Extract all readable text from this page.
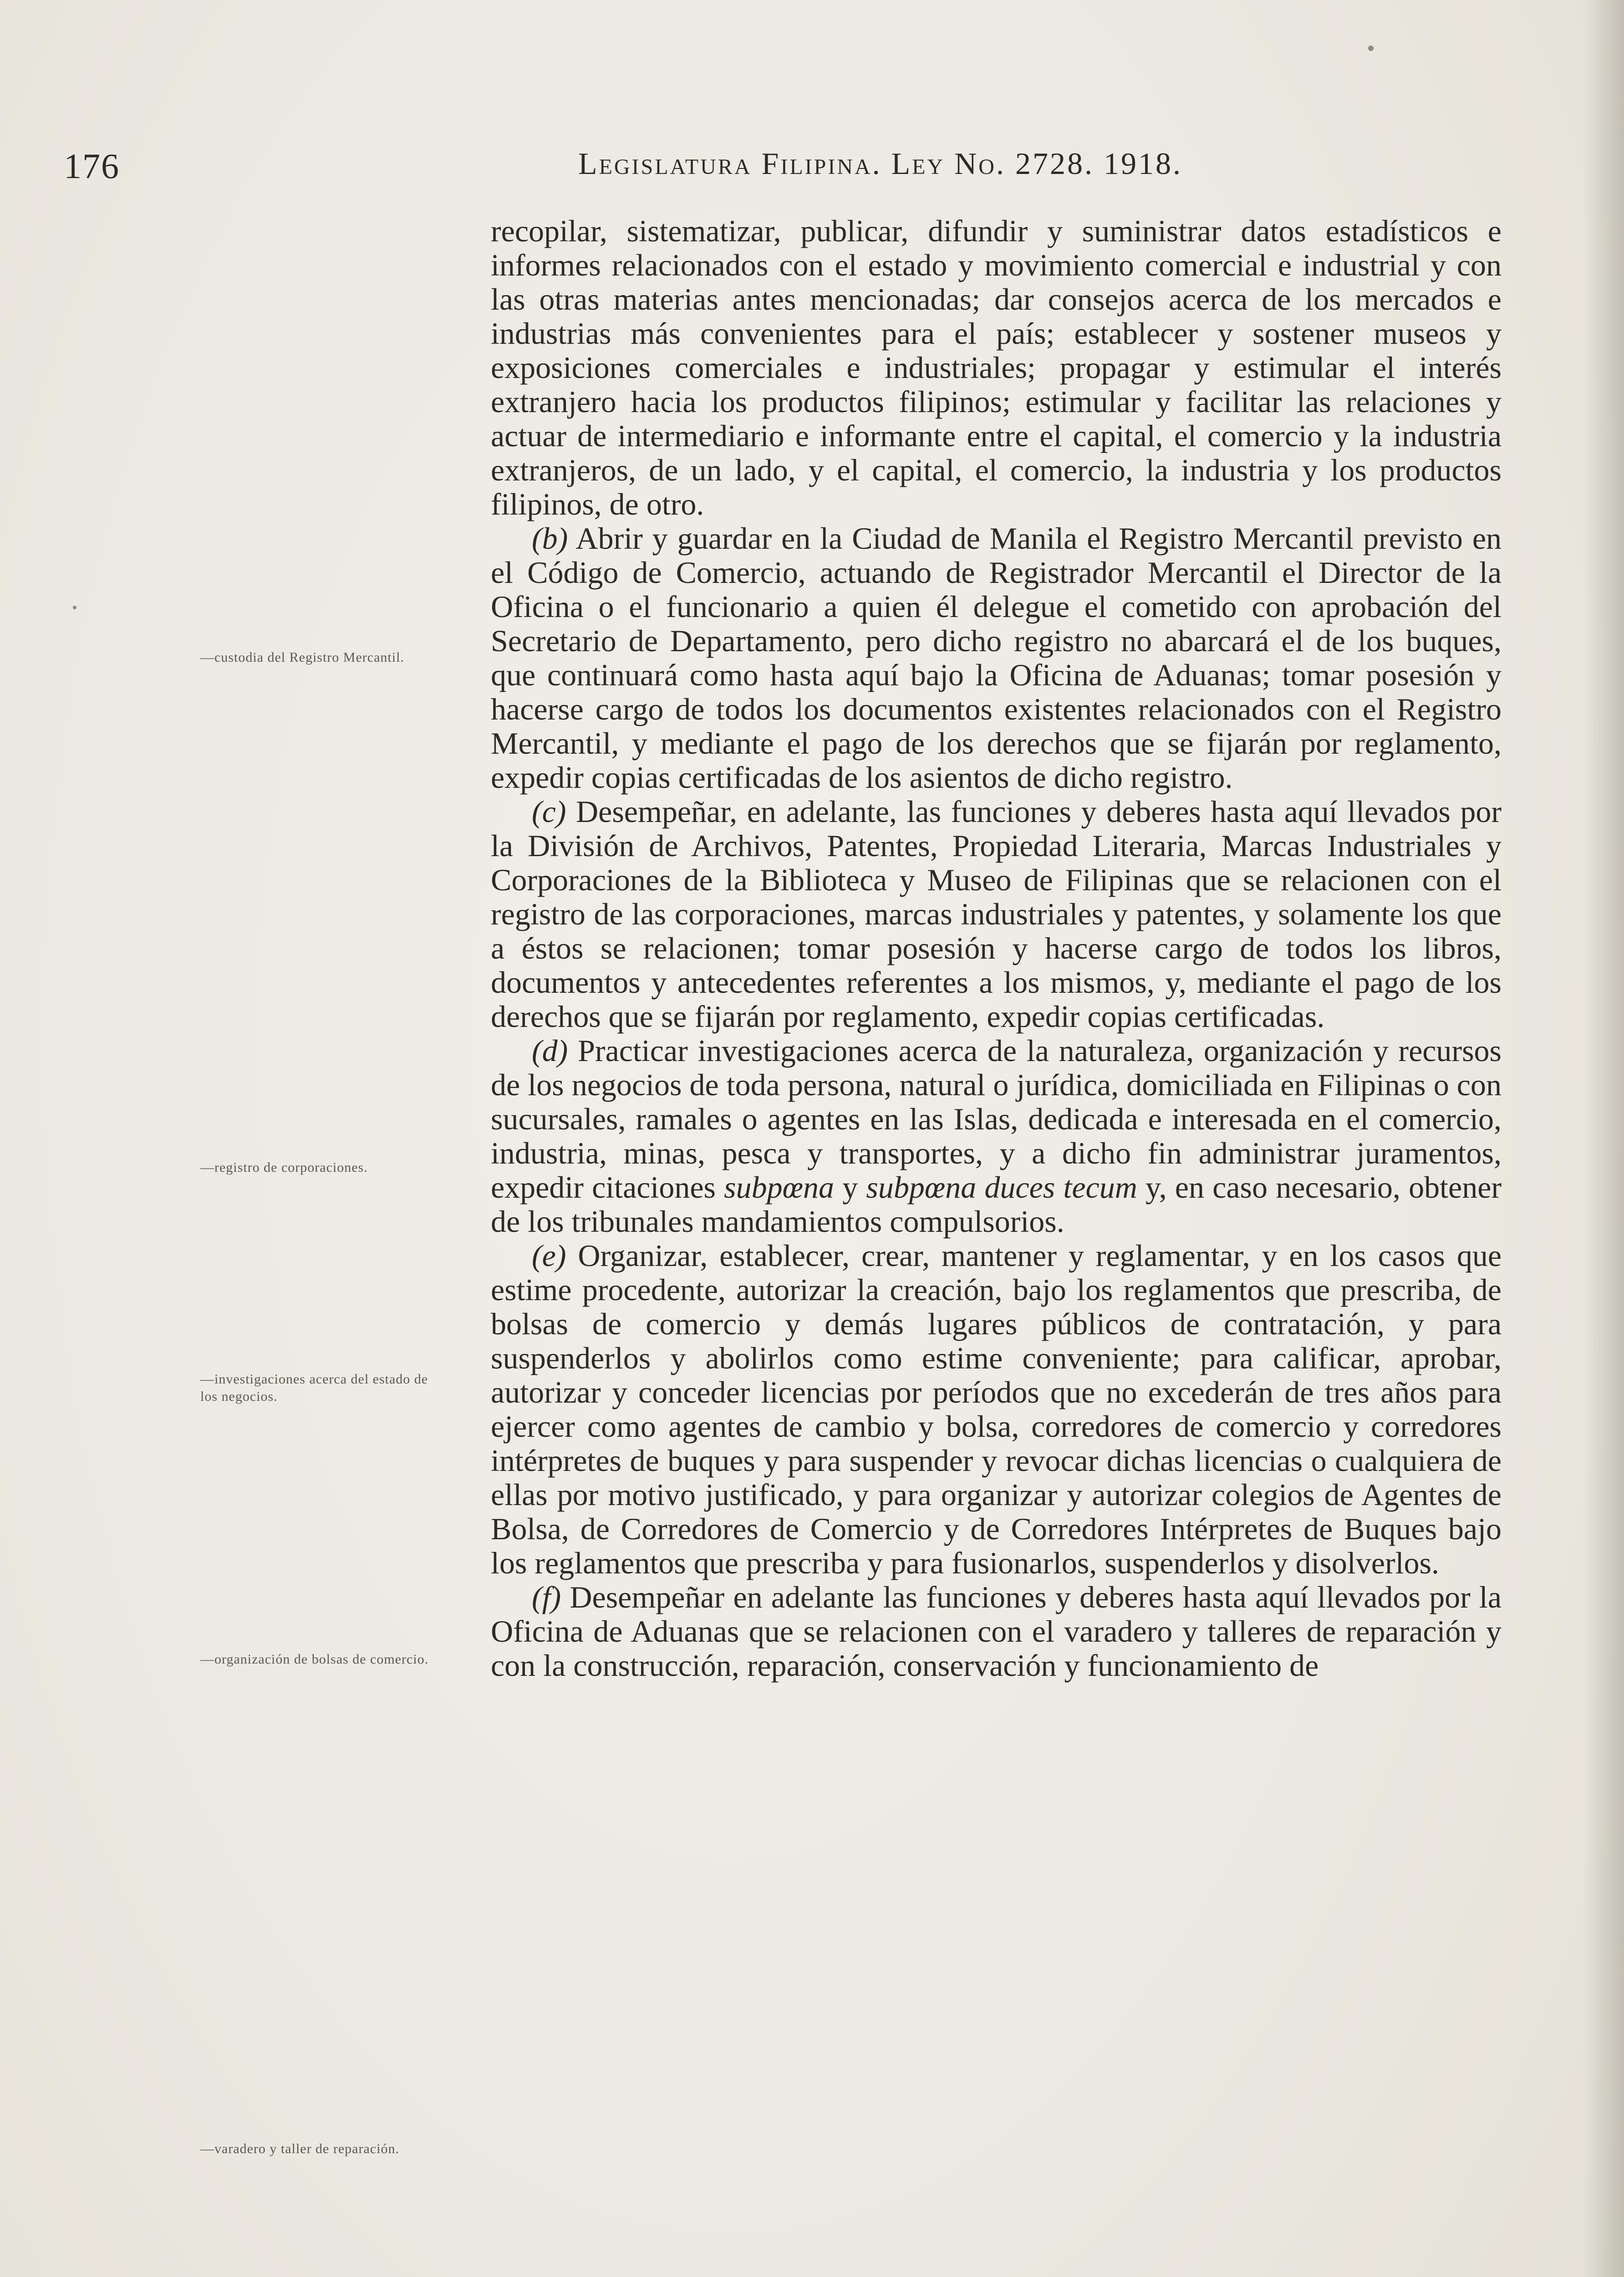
176	Legislatura Filipina. Ley No. 2728. 1918.
—custodia del Registro Mercantil.
—registro de corporaciones.
—investigaciones acerca del estado de los negocios.
—organización de bolsas de comercio.
—varadero y taller de reparación.

recopilar, sistematizar, publicar, difundir y suministrar datos estadísticos e informes relacionados con el estado y movimiento comercial e industrial y con las otras materias antes mencionadas; dar consejos acerca de los mercados e industrias más convenientes para el país; establecer y sostener museos y exposiciones comerciales e industriales; propagar y estimular el interés extranjero hacia los productos filipinos; estimular y facilitar las relaciones y actuar de intermediario e informante entre el capital, el comercio y la industria extranjeros, de un lado, y el capital, el comercio, la industria y los productos filipinos, de otro.

(b) Abrir y guardar en la Ciudad de Manila el Registro Mercantil previsto en el Código de Comercio, actuando de Registrador Mercantil el Director de la Oficina o el funcionario a quien él delegue el cometido con aprobación del Secretario de Departamento, pero dicho registro no abarcará el de los buques, que continuará como hasta aquí bajo la Oficina de Aduanas; tomar posesión y hacerse cargo de todos los documentos existentes relacionados con el Registro Mercantil, y mediante el pago de los derechos que se fijarán por reglamento, expedir copias certificadas de los asientos de dicho registro.

(c) Desempeñar, en adelante, las funciones y deberes hasta aquí llevados por la División de Archivos, Patentes, Propiedad Literaria, Marcas Industriales y Corporaciones de la Biblioteca y Museo de Filipinas que se relacionen con el registro de las corporaciones, marcas industriales y patentes, y solamente los que a éstos se relacionen; tomar posesión y hacerse cargo de todos los libros, documentos y antecedentes referentes a los mismos, y, mediante el pago de los derechos que se fijarán por reglamento, expedir copias certificadas.

(d) Practicar investigaciones acerca de la naturaleza, organización y recursos de los negocios de toda persona, natural o jurídica, domiciliada en Filipinas o con sucursales, ramales o agentes en las Islas, dedicada e interesada en el comercio, industria, minas, pesca y transportes, y a dicho fin administrar juramentos, expedir citaciones subpœna y subpœna duces tecum y, en caso necesario, obtener de los tribunales mandamientos compulsorios.

(e) Organizar, establecer, crear, mantener y reglamentar, y en los casos que estime procedente, autorizar la creación, bajo los reglamentos que prescriba, de bolsas de comercio y demás lugares públicos de contratación, y para suspenderlos y abolirlos como estime conveniente; para calificar, aprobar, autorizar y conceder licencias por períodos que no excederán de tres años para ejercer como agentes de cambio y bolsa, corredores de comercio y corredores intérpretes de buques y para suspender y revocar dichas licencias o cualquiera de ellas por motivo justificado, y para organizar y autorizar colegios de Agentes de Bolsa, de Corredores de Comercio y de Corredores Intérpretes de Buques bajo los reglamentos que prescriba y para fusionarlos, suspenderlos y disolverlos.

(f) Desempeñar en adelante las funciones y deberes hasta aquí llevados por la Oficina de Aduanas que se relacionen con el varadero y talleres de reparación y con la construcción, reparación, conservación y funcionamiento de
